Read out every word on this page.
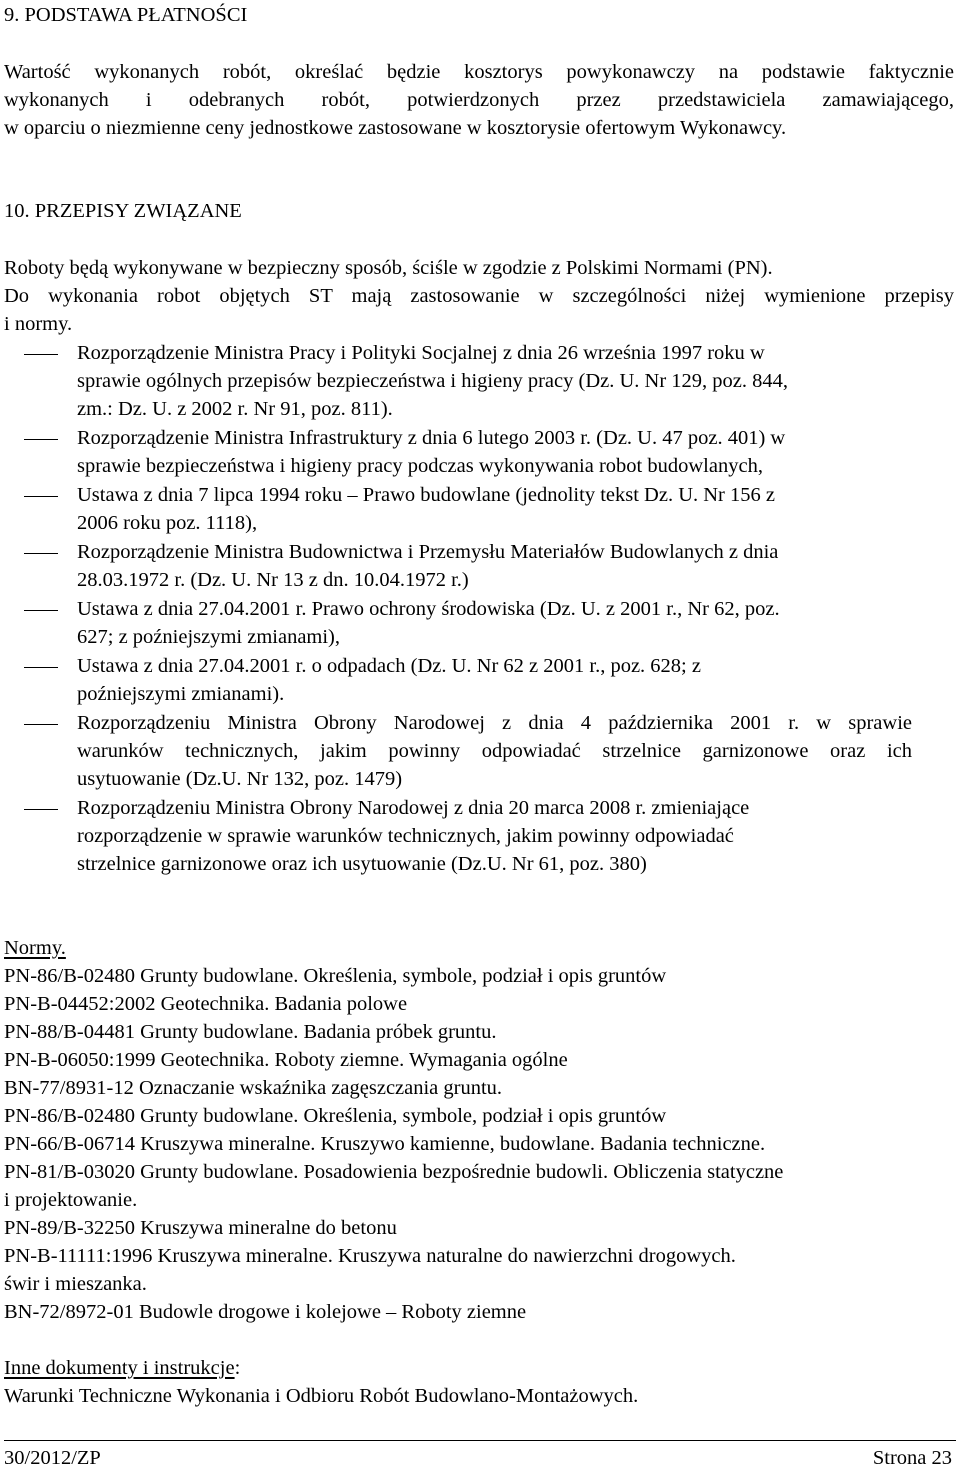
9. PODSTAWA PŁATNOŚCI
Wartość wykonanych robót, określać będzie kosztorys powykonawczy na podstawie faktycznie
wykonanych i odebranych robót, potwierdzonych przez przedstawiciela zamawiającego,
w oparciu o niezmienne ceny jednostkowe zastosowane w kosztorysie ofertowym Wykonawcy.
10. PRZEPISY ZWIĄZANE
Roboty będą wykonywane w bezpieczny sposób, ściśle w zgodzie z Polskimi Normami (PN).
Do wykonania robot objętych ST mają zastosowanie w szczególności niżej wymienione przepisy
i normy.
Rozporządzenie Ministra Pracy i Polityki Socjalnej z dnia 26 września 1997 roku w
sprawie ogólnych przepisów bezpieczeństwa i higieny pracy (Dz. U. Nr 129, poz. 844,
zm.: Dz. U. z 2002 r. Nr 91, poz. 811).
Rozporządzenie Ministra Infrastruktury z dnia 6 lutego 2003 r. (Dz. U. 47 poz. 401) w
sprawie bezpieczeństwa i higieny pracy podczas wykonywania robot budowlanych,
Ustawa z dnia 7 lipca 1994 roku – Prawo budowlane (jednolity tekst Dz. U. Nr 156 z
2006 roku poz. 1118),
Rozporządzenie Ministra Budownictwa i Przemysłu Materiałów Budowlanych z dnia
28.03.1972 r. (Dz. U. Nr 13 z dn. 10.04.1972 r.)
Ustawa z dnia 27.04.2001 r. Prawo ochrony środowiska (Dz. U. z 2001 r., Nr 62, poz.
627; z poźniejszymi zmianami),
Ustawa z dnia 27.04.2001 r. o odpadach (Dz. U. Nr 62 z 2001 r., poz. 628; z
poźniejszymi zmianami).
Rozporządzeniu Ministra Obrony Narodowej z dnia 4 października 2001 r. w sprawie
warunków technicznych, jakim powinny odpowiadać strzelnice garnizonowe oraz ich
usytuowanie (Dz.U. Nr 132, poz. 1479)
Rozporządzeniu Ministra Obrony Narodowej z dnia 20 marca 2008 r. zmieniające
rozporządzenie w sprawie warunków technicznych, jakim powinny odpowiadać
strzelnice garnizonowe oraz ich usytuowanie (Dz.U. Nr 61, poz. 380)
Normy.
PN-86/B-02480 Grunty budowlane. Określenia, symbole, podział i opis gruntów
PN-B-04452:2002 Geotechnika. Badania polowe
PN-88/B-04481 Grunty budowlane. Badania próbek gruntu.
PN-B-06050:1999 Geotechnika. Roboty ziemne. Wymagania ogólne
BN-77/8931-12 Oznaczanie wskaźnika zagęszczania gruntu.
PN-86/B-02480 Grunty budowlane. Określenia, symbole, podział i opis gruntów
PN-66/B-06714 Kruszywa mineralne. Kruszywo kamienne, budowlane. Badania techniczne.
PN-81/B-03020 Grunty budowlane. Posadowienia bezpośrednie budowli. Obliczenia statyczne
i projektowanie.
PN-89/B-32250 Kruszywa mineralne do betonu
PN-B-11111:1996 Kruszywa mineralne. Kruszywa naturalne do nawierzchni drogowych.
świr i mieszanka.
BN-72/8972-01 Budowle drogowe i kolejowe – Roboty ziemne
Inne dokumenty i instrukcje:
Warunki Techniczne Wykonania i Odbioru Robót Budowlano-Montażowych.
30/2012/ZP	Strona 23
